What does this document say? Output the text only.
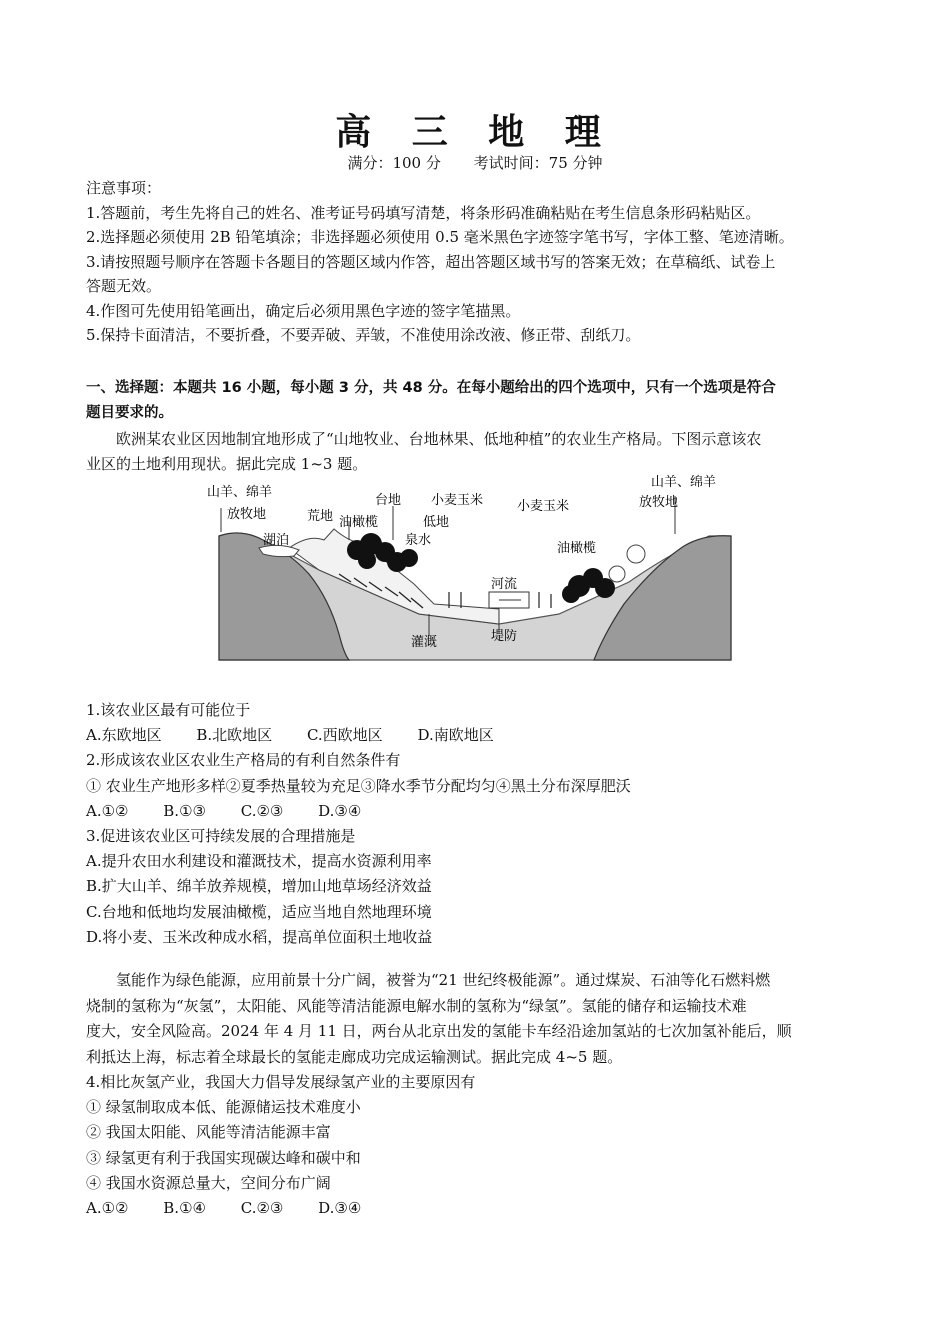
高 三 地 理
满分：100 分 考试时间：75 分钟
注意事项：
1.答题前，考生先将自己的姓名、准考证号码填写清楚，将条形码准确粘贴在考生信息条形码粘贴区。
2.选择题必须使用 2B 铅笔填涂；非选择题必须使用 0.5 毫米黑色字迹签字笔书写，字体工整、笔迹清晰。
3.请按照题号顺序在答题卡各题目的答题区域内作答，超出答题区域书写的答案无效；在草稿纸、试卷上
答题无效。
4.作图可先使用铅笔画出，确定后必须用黑色字迹的签字笔描黑。
5.保持卡面清洁，不要折叠，不要弄破、弄皱，不准使用涂改液、修正带、刮纸刀。
一、选择题：本题共 16 小题，每小题 3 分，共 48 分。在每小题给出的四个选项中，只有一个选项是符合
题目要求的。
欧洲某农业区因地制宜地形成了“山地牧业、台地林果、低地种植”的农业生产格局。下图示意该农
业区的土地利用现状。据此完成 1~3 题。
山羊、绵羊
放牧地
湖泊
荒地 油橄榄
台地
泉水
低地
小麦玉米
河流
小麦玉米
油橄榄
山羊、绵羊
放牧地
灌溉	堤防
1.该农业区最有可能位于
A.东欧地区 B.北欧地区 C.西欧地区 D.南欧地区
2.形成该农业区农业生产格局的有利自然条件有
① 农业生产地形多样②夏季热量较为充足③降水季节分配均匀④黑土分布深厚肥沃
A.①② B.①③ C.②③ D.③④
3.促进该农业区可持续发展的合理措施是
A.提升农田水利建设和灌溉技术，提高水资源利用率
B.扩大山羊、绵羊放养规模，增加山地草场经济效益
C.台地和低地均发展油橄榄，适应当地自然地理环境
D.将小麦、玉米改种成水稻，提高单位面积土地收益
氢能作为绿色能源，应用前景十分广阔，被誉为“21 世纪终极能源”。通过煤炭、石油等化石燃料燃
烧制的氢称为“灰氢”，太阳能、风能等清洁能源电解水制的氢称为“绿氢”。氢能的储存和运输技术难
度大，安全风险高。2024 年 4 月 11 日，两台从北京出发的氢能卡车经沿途加氢站的七次加氢补能后，顺
利抵达上海，标志着全球最长的氢能走廊成功完成运输测试。据此完成 4~5 题。
4.相比灰氢产业，我国大力倡导发展绿氢产业的主要原因有
① 绿氢制取成本低、能源储运技术难度小
② 我国太阳能、风能等清洁能源丰富
③ 绿氢更有利于我国实现碳达峰和碳中和
④ 我国水资源总量大，空间分布广阔
A.①② B.①④ C.②③ D.③④
